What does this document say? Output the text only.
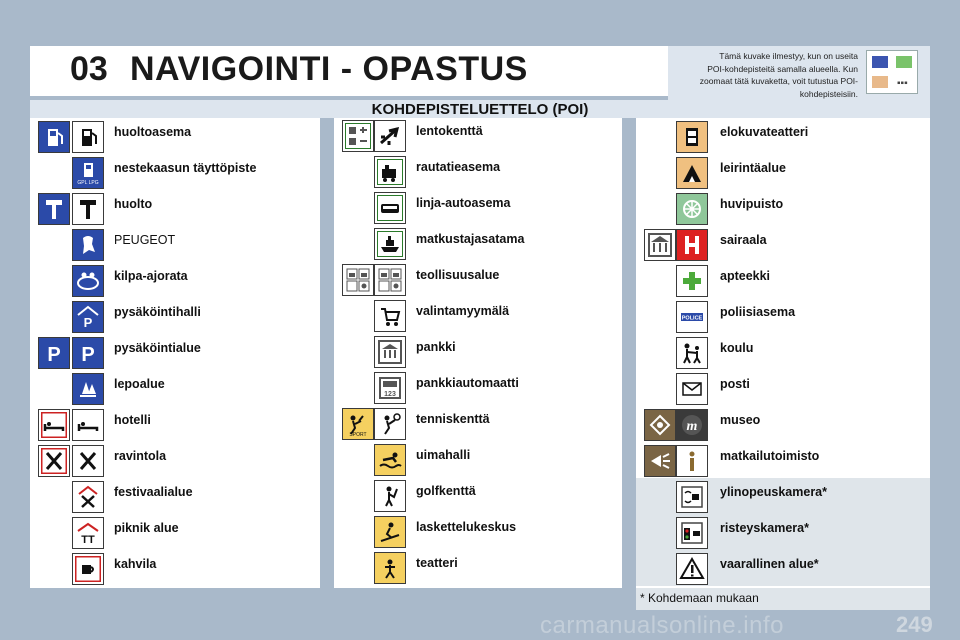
03 NAVIGOINTI - OPASTUS	Tämä kuvake ilmestyy, kun on useita
POI-kohdepisteitä samalla alueella. Kun
zoomaat tätä kuvaketta, voit tutustua POI-
kohdepisteisiin.
▪▪▪
KOHDEPISTELUETTELO (POI)
huoltoasema
GPL LPG
nestekaasun täyttöpiste
huolto
PEUGEOT
kilpa-ajorata
P
pysäköintihalli
P P pysäköintialue
lepoalue
hotelli
ravintola
festivaalialue
TT
piknik alue
kahvila
lentokenttä
rautatieasema
linja-autoasema
matkustajasatama
teollisuusalue
valintamyymälä
pankki
123
pankkiautomaatti
SPORT
tenniskenttä
uimahalli
golfkenttä
laskettelukeskus
teatteri
elokuvateatteri
leirintäalue
huvipuisto
sairaala
apteekki
POLICE poliisiasema
koulu
posti
m museo
matkailutoimisto
ylinopeuskamera*
risteyskamera*
vaarallinen alue*
* Kohdemaan mukaan
carmanualsonline.info	249
